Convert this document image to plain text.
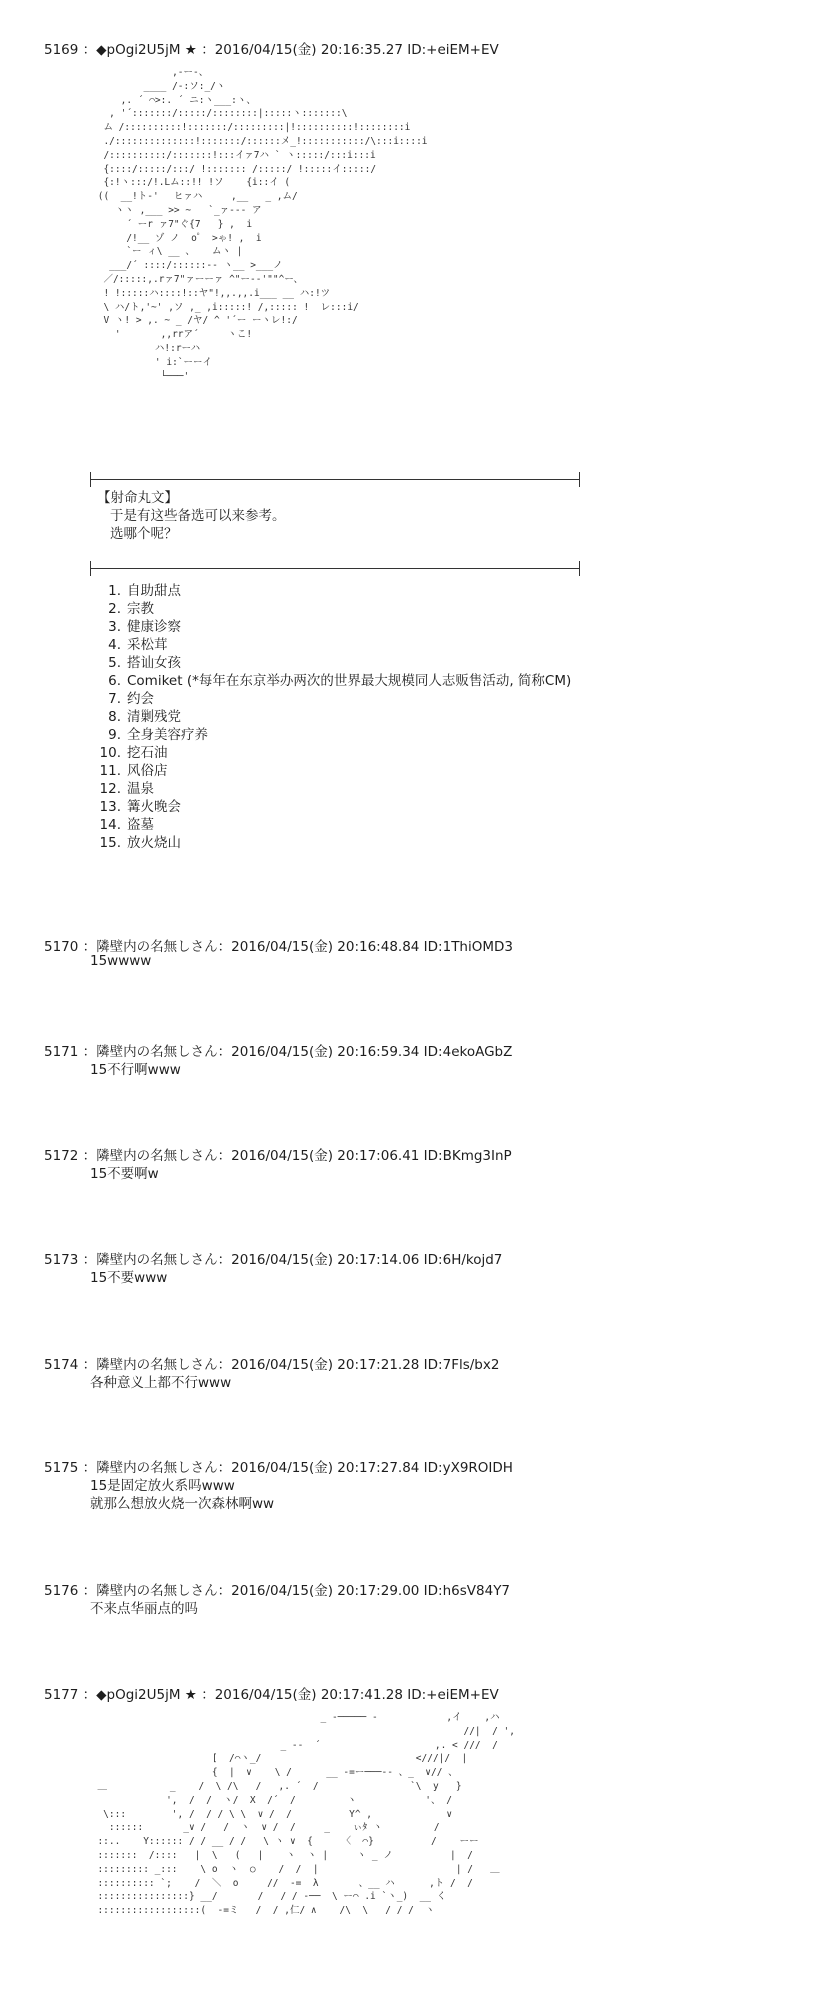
5169 ：◆pOgi2U5jM ★ ：2016/04/15(金) 20:16:35.27 ID:+eiEM+EV
,-ー-、
____ /-:ソ:_/ヽ
,. ´ ⌒>:. ´ ニ:ヽ___:ヽ、
, '´:::::::/:::::/::::::::|:::::ヽ:::::::\
ム /::::::::::!:::::::/:::::::::|!::::::::::!::::::::i
./::::::::::::::!:::::::/::::::メ_!:::::::::::/\:::i::::i
/::::::::::/:::::::!:::イァ7ハ ` ヽ:::::/:::i:::i
{::::/:::::/:::/ !::::::: /:::::/ !:::::イ:::::/
{:!ヽ:::/!.Lム::!! !ソ    {i::イ (
((  __!ト-' 　ヒァハ     ,__   _ ,ム/
ヽヽ ,___ >> ~   `_ァ-‐- ア
´ ーr ァ7"ぐ{7   } ,  i
/!__ ゾ ノ  o゜ >ゃ! ,  i
`ー ィ\ __ 、   ムヽ |
___/´ ::::/::::::-- ヽ__ >___ノ
／/:::::,.rァ7"ァーーァ ^"ー-‐'""^ー、
! !:::::ハ::::!::ヤ"!,,.,,.i___ __ ハ:!ツ
\ ハ/ト,'~' ,ソ ,_ ,i:::::! /,::::: !  レ:::i/
V ヽ! > ,. ~ _ /ヤ/ ^ '´ー ーヽレ!:/
'       ,,rrア´     ヽこ!
ハ!:rーハ
' i:`ーーイ
└───'
【射命丸文】
于是有这些备选可以来参考。
选哪个呢？
1. 自助甜点
2. 宗教
3. 健康诊察
4. 采松茸
5. 搭讪女孩
6. Comiket (*每年在东京举办两次的世界最大规模同人志贩售活动, 简称CM)
7. 约会
8. 清剿残党
9. 全身美容疗养
10. 挖石油
11. 风俗店
12. 温泉
13. 篝火晚会
14. 盗墓
15. 放火烧山
5170 ：隣壁内の名無しさん：2016/04/15(金) 20:16:48.84 ID:1ThiOMD3
15wwww
5171 ：隣壁内の名無しさん：2016/04/15(金) 20:16:59.34 ID:4ekoAGbZ
15不行啊www
5172 ：隣壁内の名無しさん：2016/04/15(金) 20:17:06.41 ID:BKmg3InP
15不要啊w
5173 ：隣壁内の名無しさん：2016/04/15(金) 20:17:14.06 ID:6H/kojd7
15不要www
5174 ：隣壁内の名無しさん：2016/04/15(金) 20:17:21.28 ID:7Fls/bx2
各种意义上都不行www
5175 ：隣壁内の名無しさん：2016/04/15(金) 20:17:27.84 ID:yX9ROIDH
15是固定放火系吗www
就那么想放火烧一次森林啊ww
5176 ：隣壁内の名無しさん：2016/04/15(金) 20:17:29.00 ID:h6sV84Y7
不来点华丽点的吗
5177 ：◆pOgi2U5jM ★ ：2016/04/15(金) 20:17:41.28 ID:+eiEM+EV
_ -───── -            ,イ    ,ハ
//|  / ',
_ -‐  ´                    ,. < ///  /
[  /⌒ヽ_/                           <///|/  |
{  |  ∨    \ /      __ -=ー───-- 、_  ∨// 、
＿           _    /  \ /\   /   ,. ´  /                `\  y   }
',  /  /  ヽ/  X  /´  /         ヽ            '、 /
\:::        ', /  / / \ \  ∨ /  /          Y^ ,             ∨
::::::       _∨ /   /  ヽ  ∨ /  /     _    ぃﾀ ヽ         /
::..    Y:::::: / / __ / /   \ ヽ ∨  {     〈  ⌒}          /    ーー
:::::::  /::::   |  \   (   |    ヽ  ヽ |     ヽ _ ノ          |  /
::::::::: _:::    \ o  ヽ  ○    /  /  |                        | /   ＿
:::::::::: `;    /  ＼  o     //  -=  λ       、__ ハ      ,ト /  /
::::::::::::::::} __/       /   / / -──  \ ー⌒ .i `ヽ_)  __ く
::::::::::::::::::(  ‐=ミ   /  / ,仁/ ∧    /\  \   / / /  ヽ
